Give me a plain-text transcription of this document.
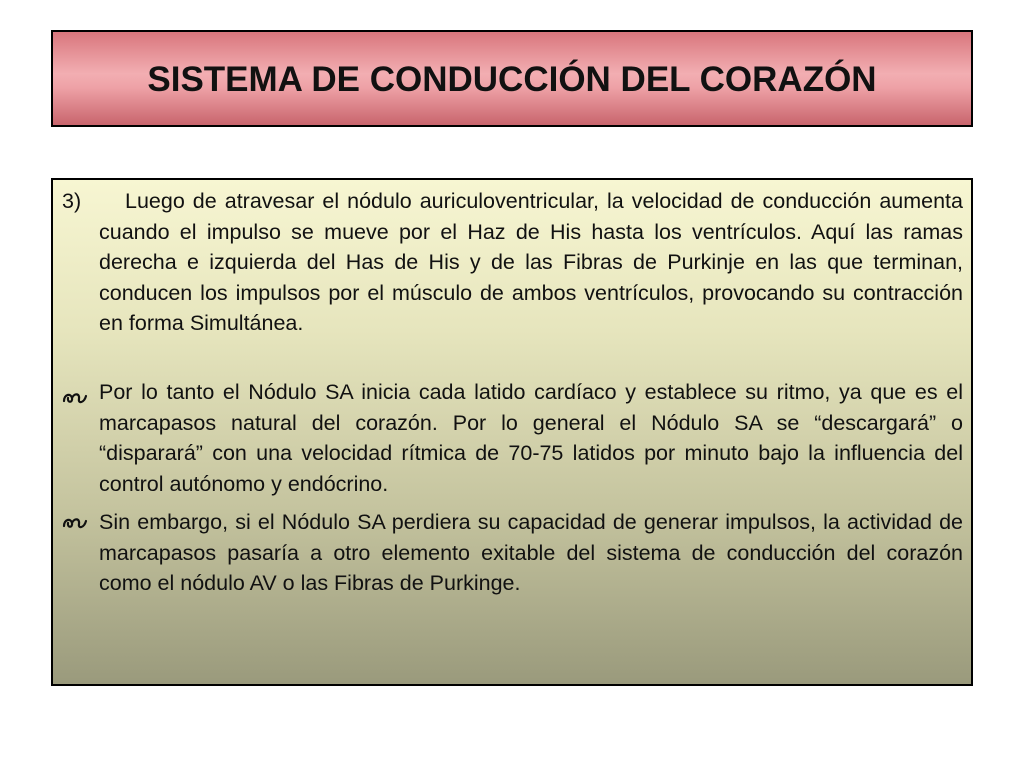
SISTEMA DE CONDUCCIÓN DEL CORAZÓN
3)	Luego de atravesar el nódulo auriculoventricular, la velocidad de conducción aumenta cuando el impulso se mueve por el Haz de His hasta los ventrículos. Aquí las ramas derecha e izquierda del Has de His y de las Fibras de Purkinje en las que terminan, conducen los impulsos por el músculo de ambos ventrículos, provocando su contracción en forma Simultánea.

Por lo tanto el Nódulo SA inicia cada latido cardíaco y establece su ritmo, ya que es el marcapasos natural del corazón. Por lo general el Nódulo SA se “descargará” o “disparará” con una velocidad rítmica de 70-75 latidos por minuto bajo la influencia del control autónomo y endócrino.

Sin embargo, si el Nódulo SA perdiera su capacidad de generar impulsos, la actividad de marcapasos pasaría a otro elemento exitable del sistema de conducción del corazón como el nódulo AV o las Fibras de Purkinge.
